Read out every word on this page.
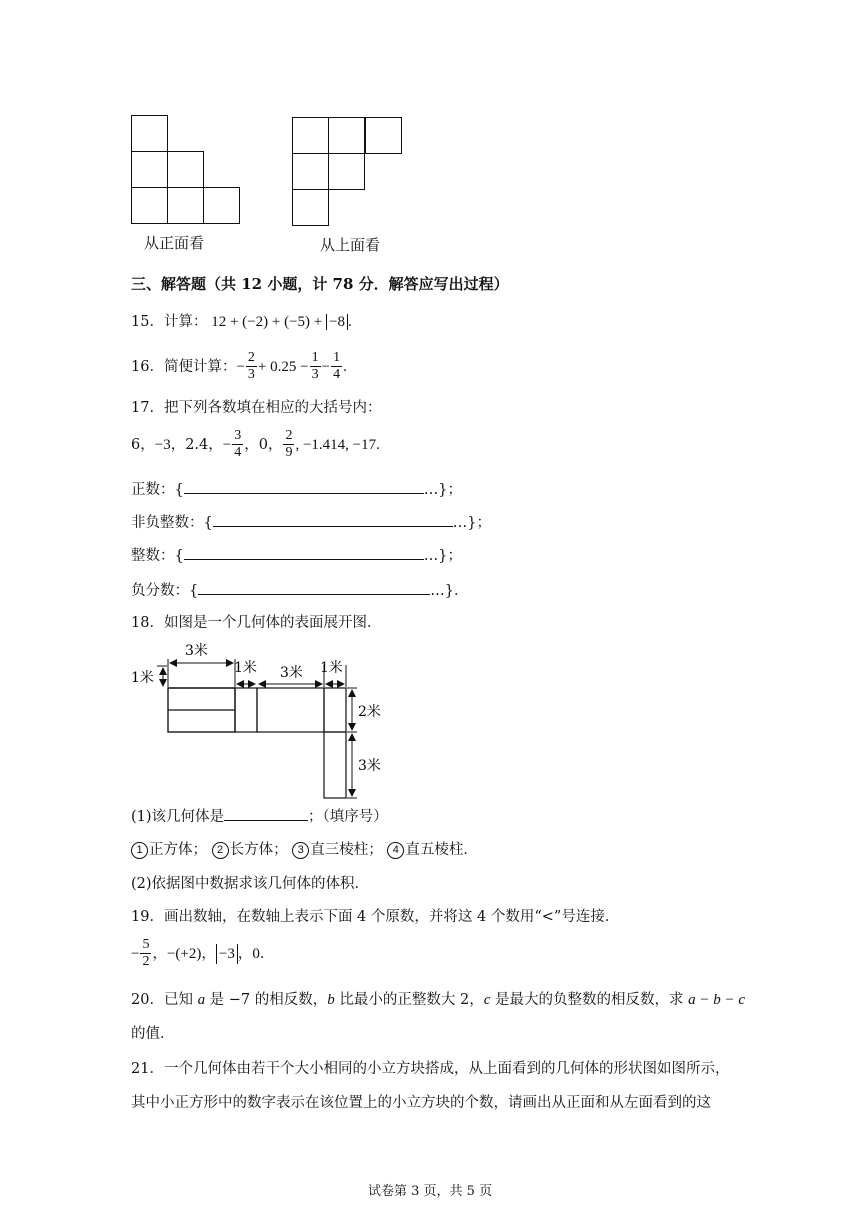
从正面看	从上面看
三、解答题（共 12 小题，计 78 分．解答应写出过程）
15．计算： 12 + (−2) + (−5) + −8 .
16． 简便计算： − $\frac{2}{3} + 0.25 - \frac{1}{3} - \frac{1}{4}$ .
17．把下列各数填在相应的大括号内：
6， −3 ，2.4， − $\frac{3}{4}$ ，0， $\frac{2}{9}$ , −1.414, −17 .
正数：{	…}；
非负整数：{	…}；
整数：{	…}；
负分数：{	…}．
18．如图是一个几何体的表面展开图．
3米
1米
1米 3米 1米
2米
3米
(1)该几何体是	；（填序号）
1 正方体； 2 长方体； 3 直三棱柱； 4 直五棱柱．
(2)依据图中数据求该几何体的体积．
19．画出数轴，在数轴上表示下面 4 个原数，并将这 4 个数用“<”号连接．
− $\frac{5}{2}$ ， −(+2) ， −3 ， 0 ．
20．已知 a 是 −7 的相反数，b 比最小的正整数大 2，c 是最大的负整数的相反数，求 a − b − c
的值．
21．一个几何体由若干个大小相同的小立方块搭成，从上面看到的几何体的形状图如图所示，
其中小正方形中的数字表示在该位置上的小立方块的个数，请画出从正面和从左面看到的这
试卷第 3 页，共 5 页
